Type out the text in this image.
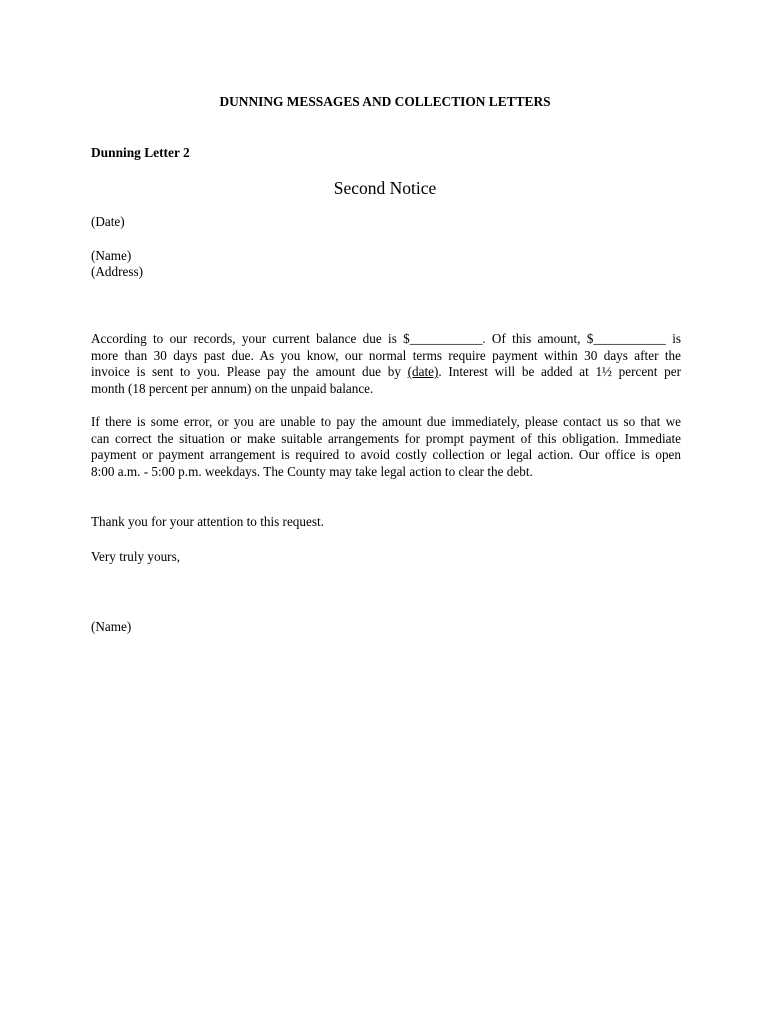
DUNNING MESSAGES AND COLLECTION LETTERS
Dunning Letter 2
Second Notice
(Date)
(Name)
(Address)
According to our records, your current balance due is $___________. Of this amount, $___________ is
more than 30 days past due. As you know, our normal terms require payment within 30 days after the
invoice is sent to you. Please pay the amount due by (date). Interest will be added at 1½ percent per
month (18 percent per annum) on the unpaid balance.
If there is some error, or you are unable to pay the amount due immediately, please contact us so that we
can correct the situation or make suitable arrangements for prompt payment of this obligation. Immediate
payment or payment arrangement is required to avoid costly collection or legal action. Our office is open
8:00 a.m. - 5:00 p.m. weekdays. The County may take legal action to clear the debt.
Thank you for your attention to this request.
Very truly yours,
(Name)
